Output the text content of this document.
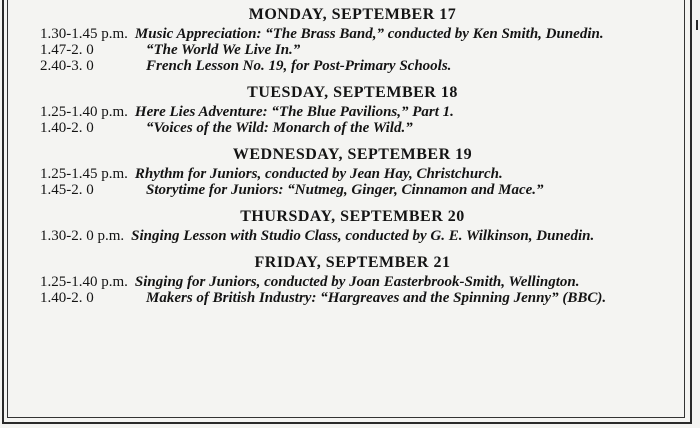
MONDAY, SEPTEMBER 17
1.30-1.45 p.m. Music Appreciation: “The Brass Band,” conducted by Ken Smith, Dunedin.
1.47-2. 0	“The World We Live In.”
2.40-3. 0	French Lesson No. 19, for Post-Primary Schools.
TUESDAY, SEPTEMBER 18
1.25-1.40 p.m. Here Lies Adventure: “The Blue Pavilions,” Part 1.
1.40-2. 0	“Voices of the Wild: Monarch of the Wild.”
WEDNESDAY, SEPTEMBER 19
1.25-1.45 p.m. Rhythm for Juniors, conducted by Jean Hay, Christchurch.
1.45-2. 0	Storytime for Juniors: “Nutmeg, Ginger, Cinnamon and Mace.”
THURSDAY, SEPTEMBER 20
1.30-2. 0 p.m. Singing Lesson with Studio Class, conducted by G. E. Wilkinson, Dunedin.
FRIDAY, SEPTEMBER 21
1.25-1.40 p.m. Singing for Juniors, conducted by Joan Easterbrook-Smith, Wellington.
1.40-2. 0	Makers of British Industry: “Hargreaves and the Spinning Jenny” (BBC).
